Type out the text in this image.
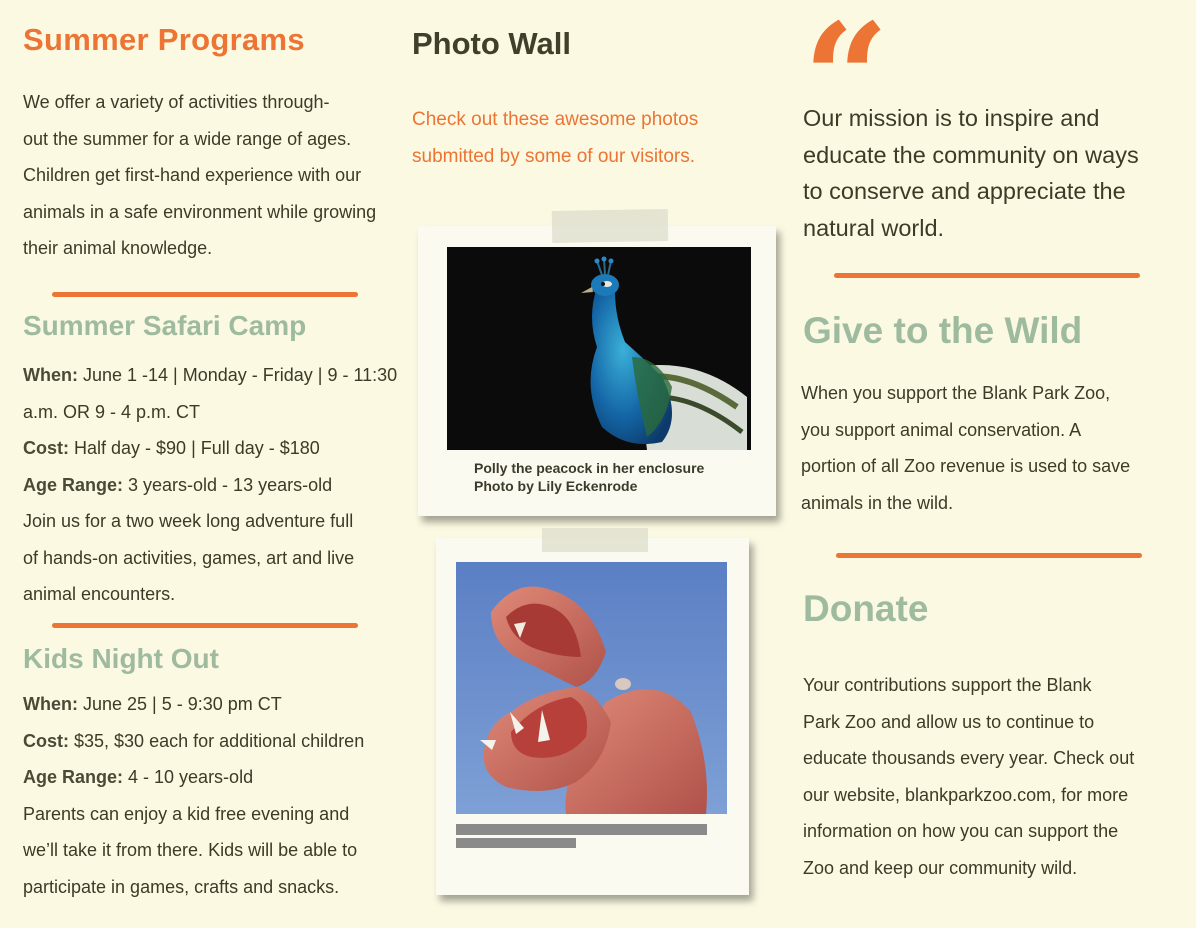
Summer Programs
We offer a variety of activities through-
out the summer for a wide range of ages.
Children get first-hand experience with our
animals in a safe environment while growing
their animal knowledge.
Summer Safari Camp
When: June 1 -14 | Monday - Friday | 9 - 11:30
a.m. OR 9 - 4 p.m. CT
Cost: Half day - $90 | Full day - $180
Age Range: 3 years-old - 13 years-old
Join us for a two week long adventure full
of hands-on activities, games, art and live
animal encounters.
Kids Night Out
When: June 25 | 5 - 9:30 pm CT
Cost: $35, $30 each for additional children
Age Range: 4 - 10 years-old
Parents can enjoy a kid free evening and
we’ll take it from there. Kids will be able to
participate in games, crafts and snacks.
Photo Wall
Check out these awesome photos
submitted by some of our visitors.
Polly the peacock in her enclosure
Photo by Lily Eckenrode
“
Our mission is to inspire and
educate the community on ways
to conserve and appreciate the
natural world.
Give to the Wild
When you support the Blank Park Zoo,
you support animal conservation. A
portion of all Zoo revenue is used to save
animals in the wild.
Donate
Your contributions support the Blank
Park Zoo and allow us to continue to
educate thousands every year. Check out
our website, blankparkzoo.com, for more
information on how you can support the
Zoo and keep our community wild.
